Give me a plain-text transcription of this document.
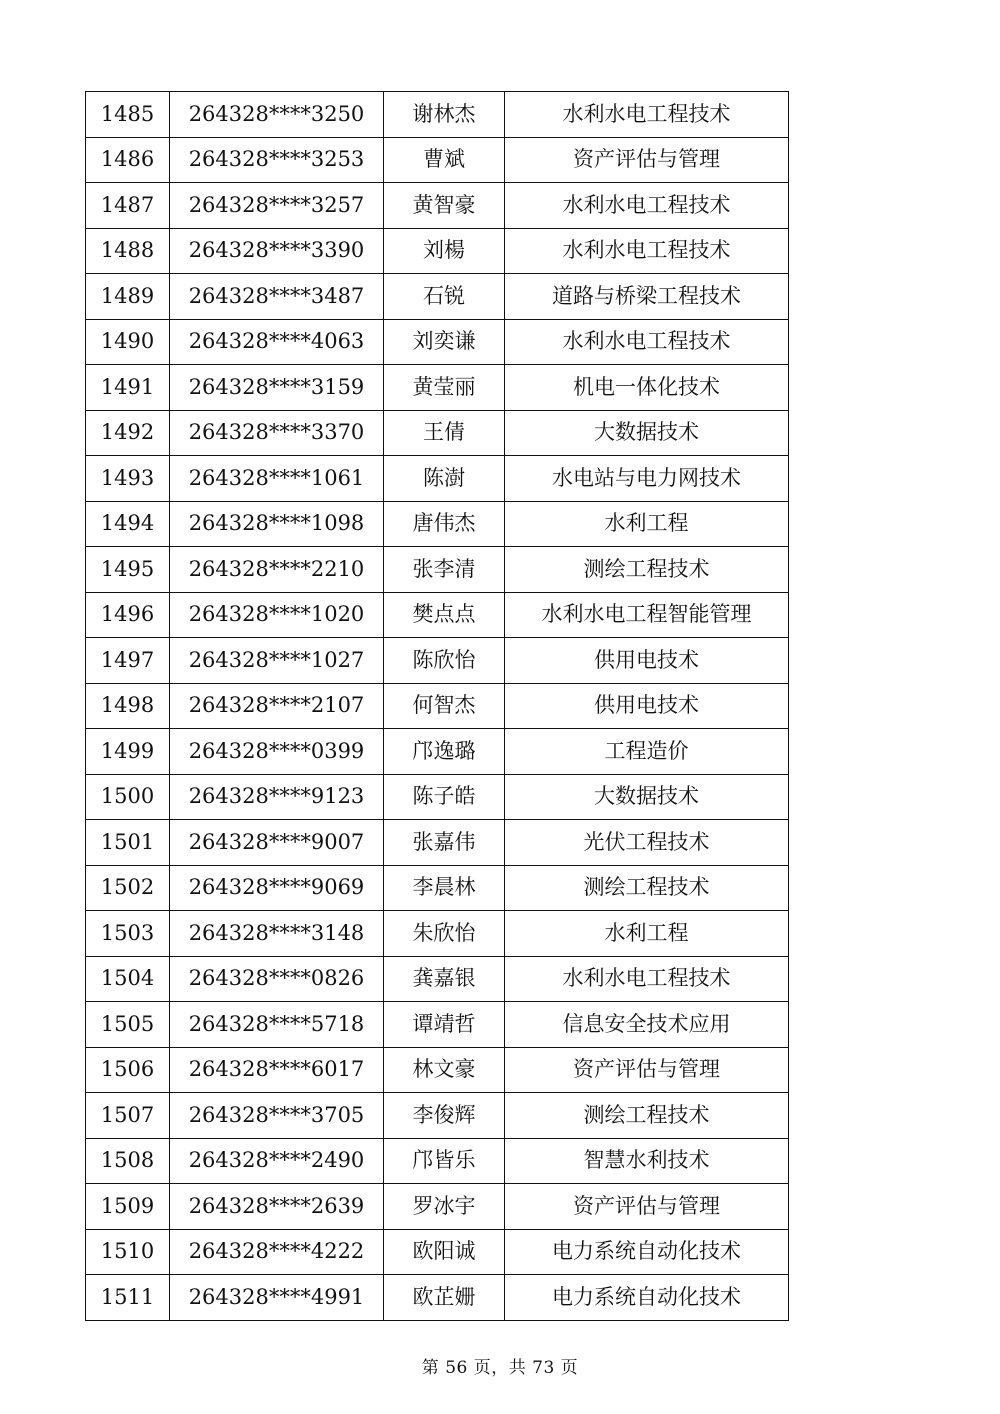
1485	264328****3250	谢林杰	水利水电工程技术
1486	264328****3253	曹斌	资产评估与管理
1487	264328****3257	黄智豪	水利水电工程技术
1488	264328****3390	刘楊	水利水电工程技术
1489	264328****3487	石锐	道路与桥梁工程技术
1490	264328****4063	刘奕谦	水利水电工程技术
1491	264328****3159	黄莹丽	机电一体化技术
1492	264328****3370	王倩	大数据技术
1493	264328****1061	陈澍	水电站与电力网技术
1494	264328****1098	唐伟杰	水利工程
1495	264328****2210	张李清	测绘工程技术
1496	264328****1020	樊点点	水利水电工程智能管理
1497	264328****1027	陈欣怡	供用电技术
1498	264328****2107	何智杰	供用电技术
1499	264328****0399	邝逸璐	工程造价
1500	264328****9123	陈子皓	大数据技术
1501	264328****9007	张嘉伟	光伏工程技术
1502	264328****9069	李晨林	测绘工程技术
1503	264328****3148	朱欣怡	水利工程
1504	264328****0826	龚嘉银	水利水电工程技术
1505	264328****5718	谭靖哲	信息安全技术应用
1506	264328****6017	林文豪	资产评估与管理
1507	264328****3705	李俊辉	测绘工程技术
1508	264328****2490	邝皆乐	智慧水利技术
1509	264328****2639	罗冰宇	资产评估与管理
1510	264328****4222	欧阳诚	电力系统自动化技术
1511	264328****4991	欧芷姗	电力系统自动化技术
第 56 页，共 73 页
